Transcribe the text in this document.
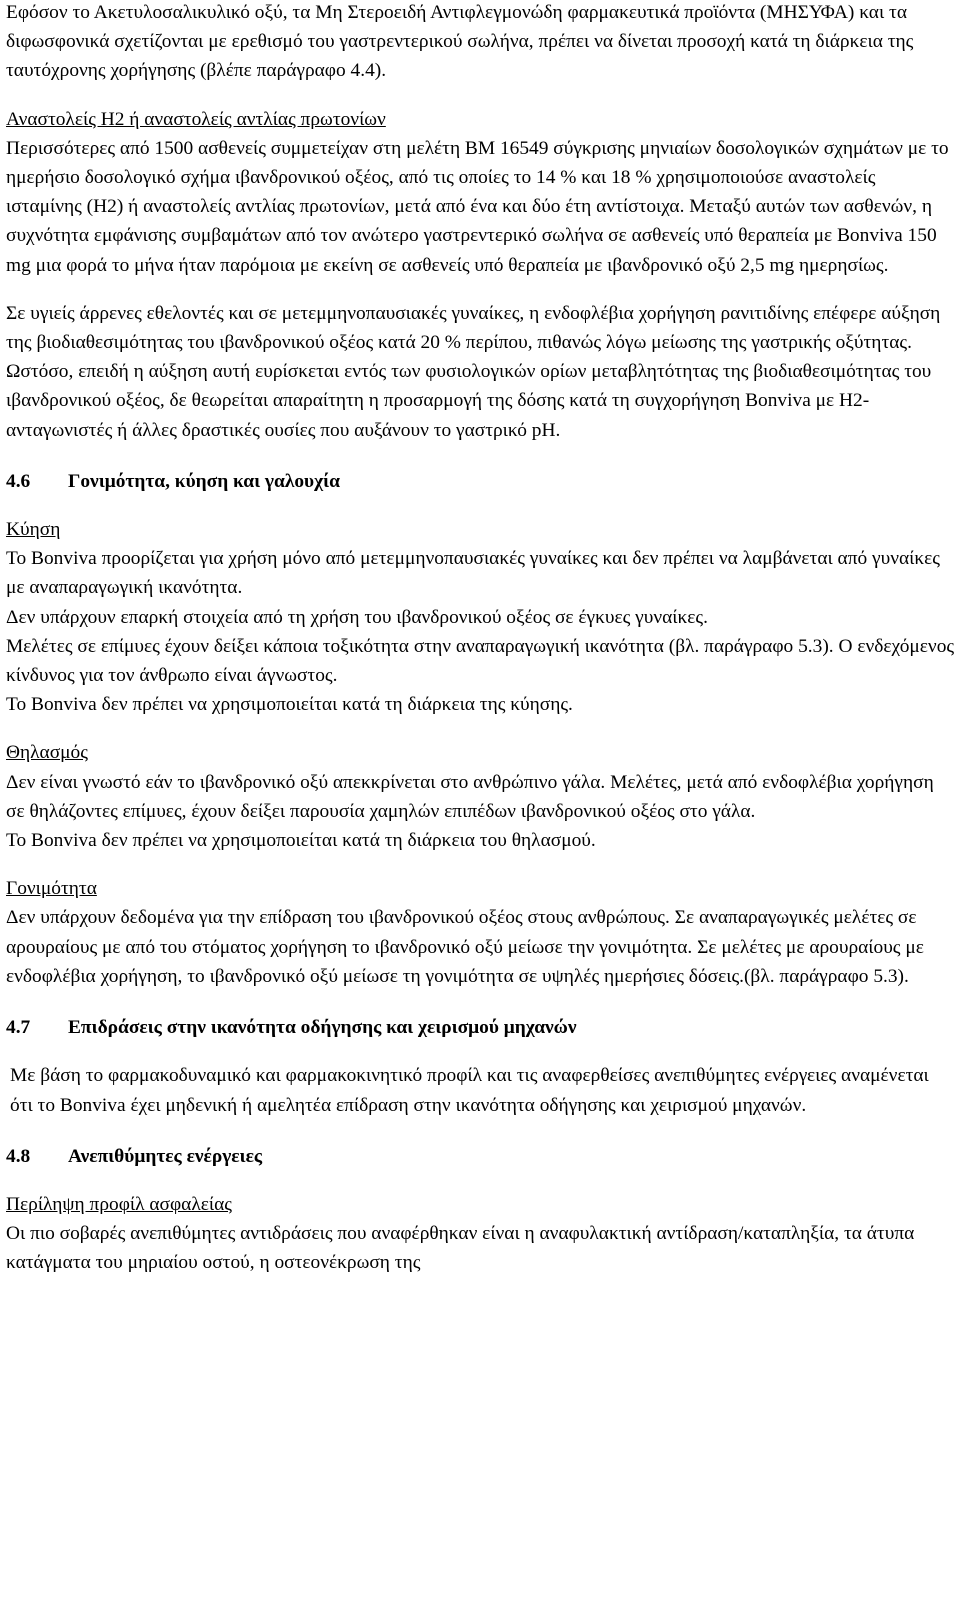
Εφόσον το Ακετυλοσαλικυλικό οξύ, τα Μη Στεροειδή Αντιφλεγμονώδη φαρμακευτικά προϊόντα (ΜΗΣΥΦΑ) και τα διφωσφονικά σχετίζονται με ερεθισμό του γαστρεντερικού σωλήνα, πρέπει να δίνεται προσοχή κατά τη διάρκεια της ταυτόχρονης χορήγησης (βλέπε παράγραφο 4.4).

Αναστολείς Η2 ή αναστολείς αντλίας πρωτονίων

Περισσότερες από 1500 ασθενείς συμμετείχαν στη μελέτη BM 16549 σύγκρισης μηνιαίων δοσολογικών σχημάτων με το ημερήσιο δοσολογικό σχήμα ιβανδρονικού οξέος, από τις οποίες το 14 % και 18 % χρησιμοποιούσε αναστολείς ισταμίνης (Η2) ή αναστολείς αντλίας πρωτονίων, μετά από ένα και δύο έτη αντίστοιχα. Μεταξύ αυτών των ασθενών, η συχνότητα εμφάνισης συμβαμάτων από τον ανώτερο γαστρεντερικό σωλήνα σε ασθενείς υπό θεραπεία με Bonviva 150 mg μια φορά το μήνα ήταν παρόμοια με εκείνη σε ασθενείς υπό θεραπεία με ιβανδρονικό οξύ 2,5 mg ημερησίως.

Σε υγιείς άρρενες εθελοντές και σε μετεμμηνοπαυσιακές γυναίκες, η ενδοφλέβια χορήγηση ρανιτιδίνης επέφερε αύξηση της βιοδιαθεσιμότητας του ιβανδρονικού οξέος κατά 20 % περίπου, πιθανώς λόγω μείωσης της γαστρικής οξύτητας. Ωστόσο, επειδή η αύξηση αυτή ευρίσκεται εντός των φυσιολογικών ορίων μεταβλητότητας της βιοδιαθεσιμότητας του ιβανδρονικού οξέος, δε θεωρείται απαραίτητη η προσαρμογή της δόσης κατά τη συγχορήγηση Bonviva με Η2-ανταγωνιστές ή άλλες δραστικές ουσίες που αυξάνουν το γαστρικό pH.

4.6	Γονιμότητα, κύηση και γαλουχία

Κύηση

Το Bonviva προορίζεται για χρήση μόνο από μετεμμηνοπαυσιακές γυναίκες και δεν πρέπει να λαμβάνεται από γυναίκες με αναπαραγωγική ικανότητα.

Δεν υπάρχουν επαρκή στοιχεία από τη χρήση του ιβανδρονικού οξέος σε έγκυες γυναίκες.

Μελέτες σε επίμυες έχουν δείξει κάποια τοξικότητα στην αναπαραγωγική ικανότητα (βλ. παράγραφο 5.3). Ο ενδεχόμενος κίνδυνος για τον άνθρωπο είναι άγνωστος.

Το Bonviva δεν πρέπει να χρησιμοποιείται κατά τη διάρκεια της κύησης.

Θηλασμός

Δεν είναι γνωστό εάν το ιβανδρονικό οξύ απεκκρίνεται στο ανθρώπινο γάλα. Μελέτες, μετά από ενδοφλέβια χορήγηση σε θηλάζοντες επίμυες, έχουν δείξει παρουσία χαμηλών επιπέδων ιβανδρονικού οξέος στο γάλα.

Το Bonviva δεν πρέπει να χρησιμοποιείται κατά τη διάρκεια του θηλασμού.

Γονιμότητα

Δεν υπάρχουν δεδομένα για την επίδραση του ιβανδρονικού οξέος στους ανθρώπους. Σε αναπαραγωγικές μελέτες σε αρουραίους με από του στόματος χορήγηση το ιβανδρονικό οξύ μείωσε την γονιμότητα. Σε μελέτες με αρουραίους με ενδοφλέβια χορήγηση, το ιβανδρονικό οξύ μείωσε τη γονιμότητα σε υψηλές ημερήσιες δόσεις.(βλ. παράγραφο 5.3).

4.7	Επιδράσεις στην ικανότητα οδήγησης και χειρισμού μηχανών

Με βάση το φαρμακοδυναμικό και φαρμακοκινητικό προφίλ και τις αναφερθείσες ανεπιθύμητες ενέργειες αναμένεται ότι το Bonviva έχει μηδενική ή αμελητέα επίδραση στην ικανότητα οδήγησης και χειρισμού μηχανών.

4.8	Ανεπιθύμητες ενέργειες

Περίληψη προφίλ ασφαλείας

Οι πιο σοβαρές ανεπιθύμητες αντιδράσεις που αναφέρθηκαν είναι η αναφυλακτική αντίδραση/καταπληξία, τα άτυπα κατάγματα του μηριαίου οστού, η οστεονέκρωση της
